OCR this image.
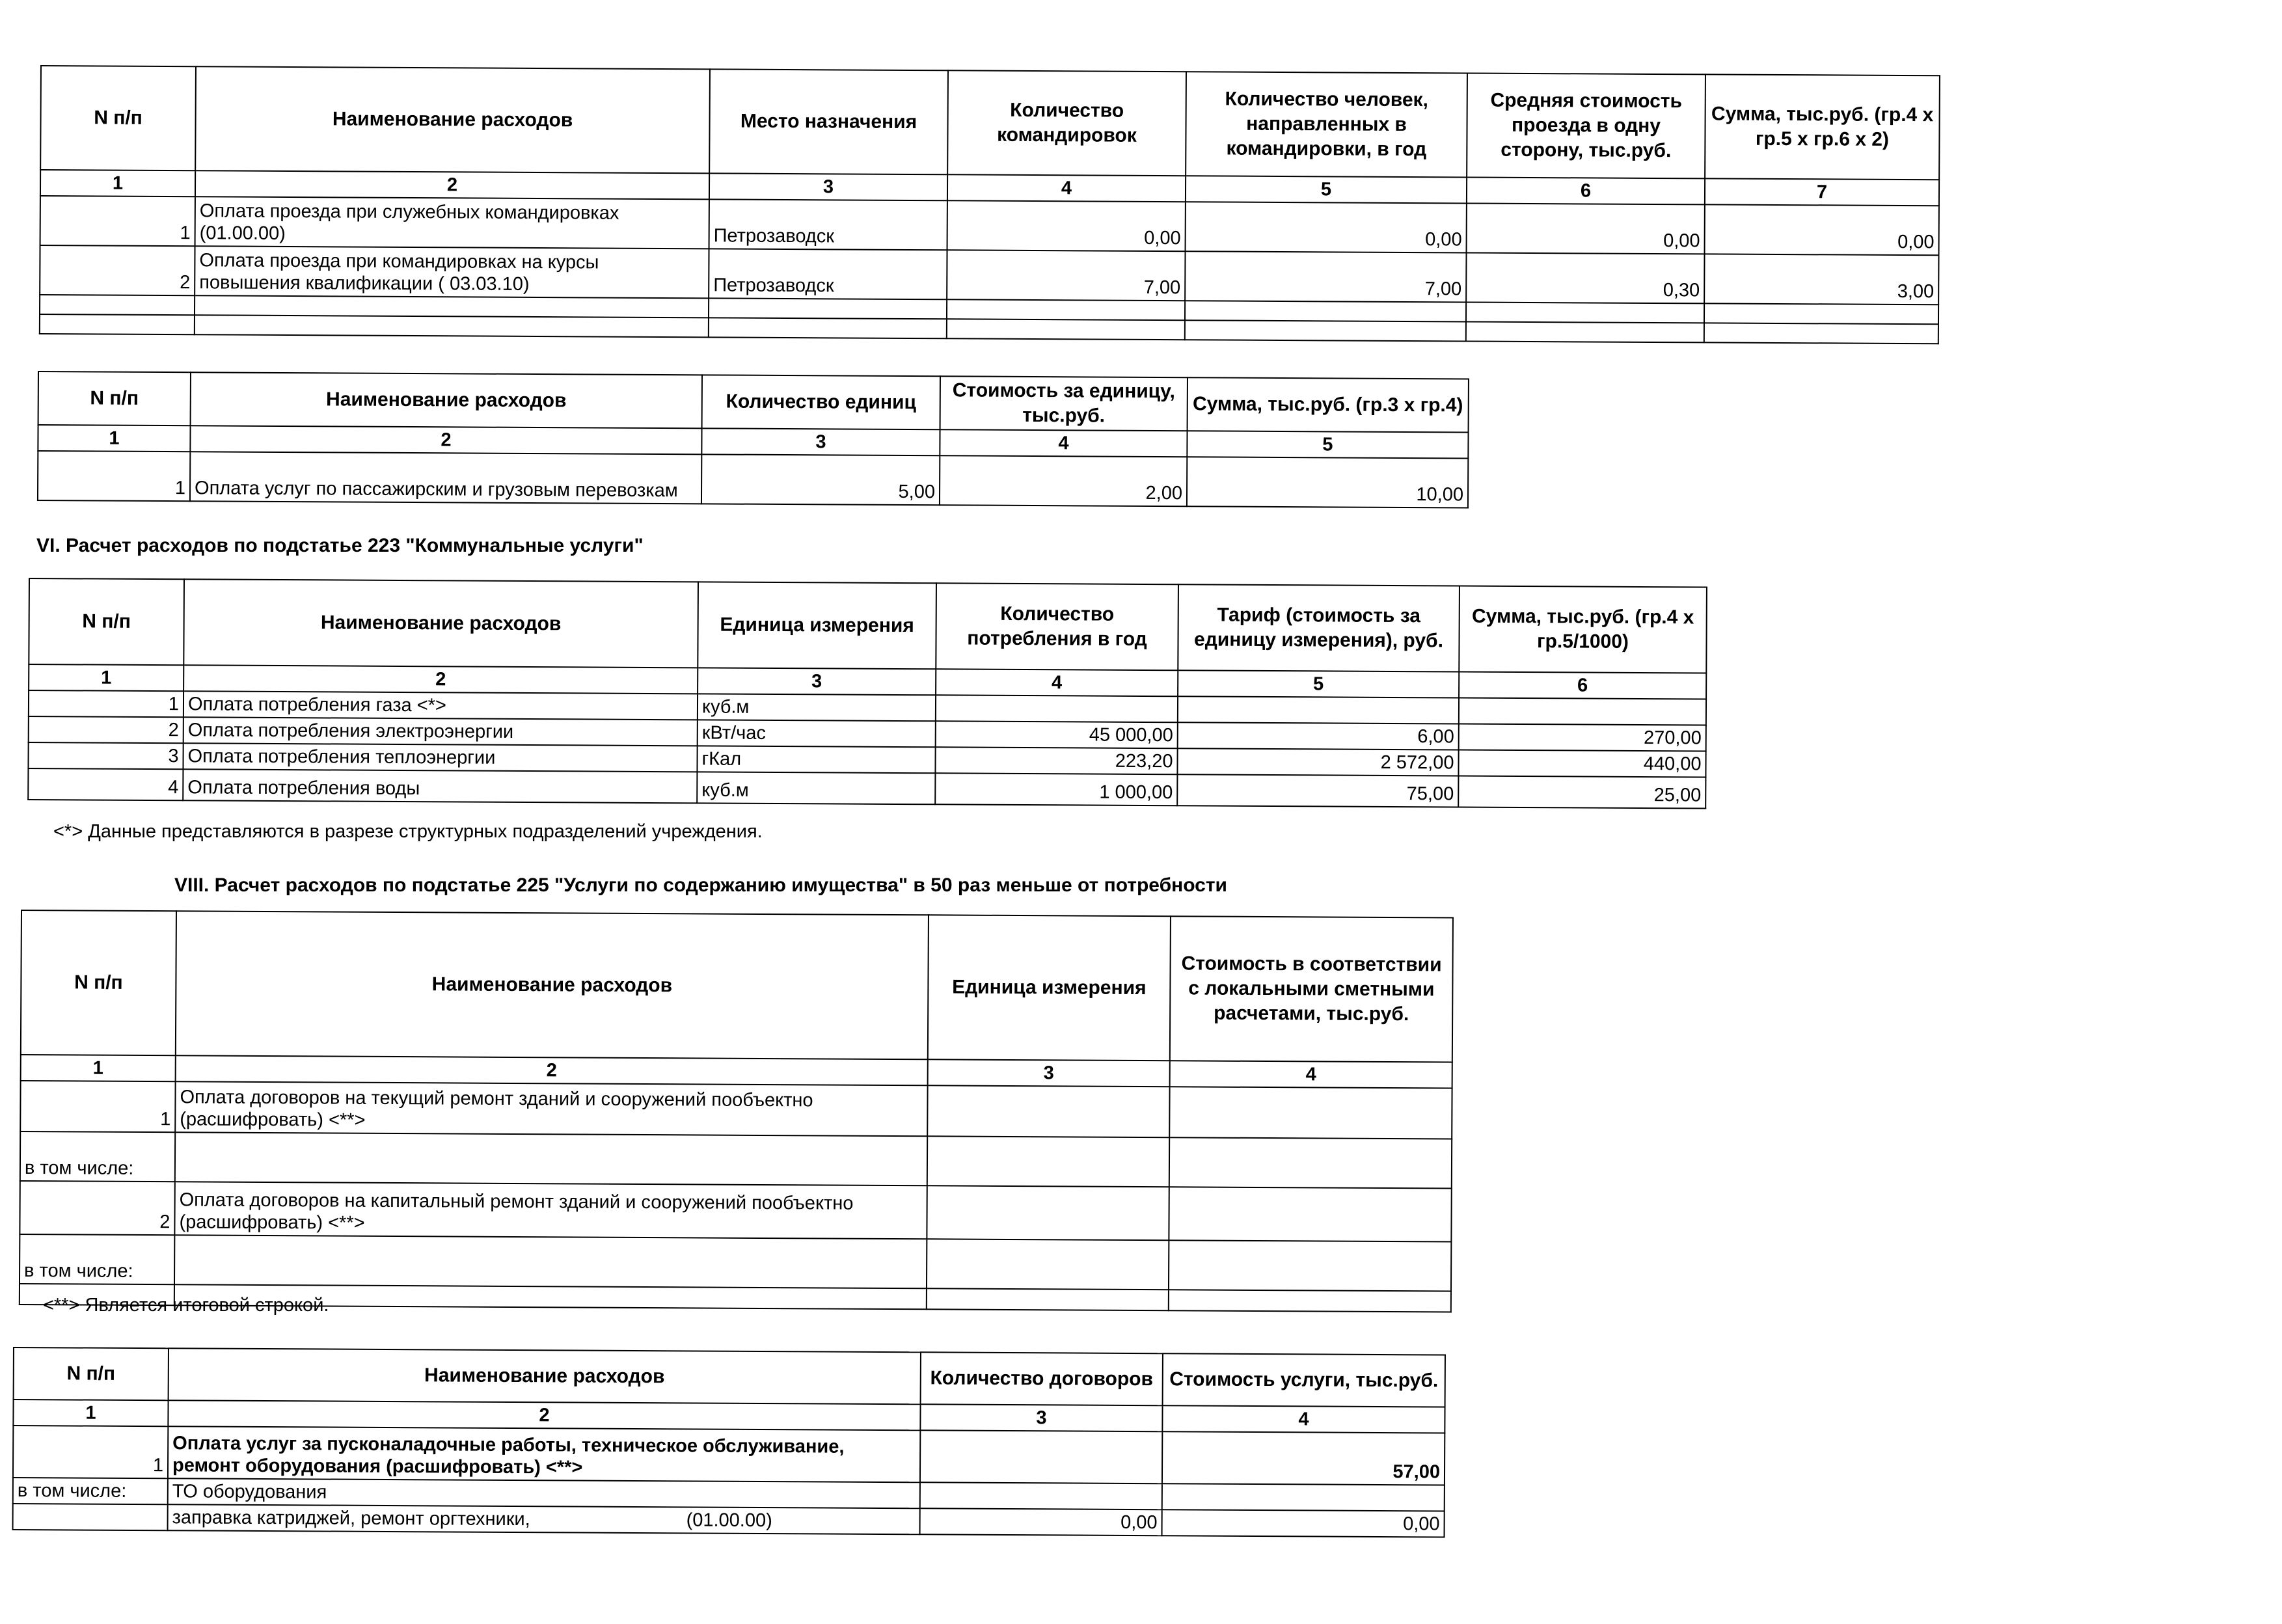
N п/п	Наименование расходов	Место назначения	Количество командировок	Количество человек, направленных в командировки, в год	Средняя стоимость проезда в одну сторону, тыс.руб.	Сумма, тыс.руб. (гр.4 х гр.5 х гр.6 х 2)
1	2	3	4	5	6	7
1	Оплата проезда при служебных командировках (01.00.00)	Петрозаводск	0,00	0,00	0,00	0,00
2	Оплата проезда при командировках на курсы повышения квалификации ( 03.03.10)	Петрозаводск	7,00	7,00	0,30	3,00

N п/п	Наименование расходов	Количество единиц	Стоимость за единицу, тыс.руб.	Сумма, тыс.руб. (гр.3 х гр.4)
1	2	3	4	5
1	Оплата услуг по пассажирским и грузовым перевозкам	5,00	2,00	10,00
VI. Расчет расходов по подстатье 223 "Коммунальные услуги"
N п/п	Наименование расходов	Единица измерения	Количество потребления в год	Тариф (стоимость за единицу измерения), руб.	Сумма, тыс.руб. (гр.4 х гр.5/1000)
1	2	3	4	5	6
1	Оплата потребления газа <*>	куб.м			
2	Оплата потребления электроэнергии	кВт/час	45 000,00	6,00	270,00
3	Оплата потребления теплоэнергии	гКал	223,20	2 572,00	440,00
4	Оплата потребления воды	куб.м	1 000,00	75,00	25,00
<*> Данные представляются в разрезе структурных подразделений учреждения.
VIII. Расчет расходов по подстатье 225 "Услуги по содержанию имущества" в 50 раз меньше от потребности
N п/п	Наименование расходов	Единица измерения	Стоимость в соответствии с локальными сметными расчетами, тыс.руб.
1	2	3	4
1	Оплата договоров на текущий ремонт зданий и сооружений пообъектно (расшифровать) <**>		
в том числе:			
2	Оплата договоров на капитальный ремонт зданий и сооружений пообъектно (расшифровать) <**>		
в том числе:			

<**> Является итоговой строкой.
N п/п	Наименование расходов	Количество договоров	Стоимость услуги, тыс.руб.
1	2	3	4
1	Оплата услуг за пусконаладочные работы, техническое обслуживание, ремонт оборудования (расшифровать) <**>		57,00
в том числе:	ТО оборудования		
	заправка катриджей, ремонт оргтехники, (01.00.00)	0,00	0,00
